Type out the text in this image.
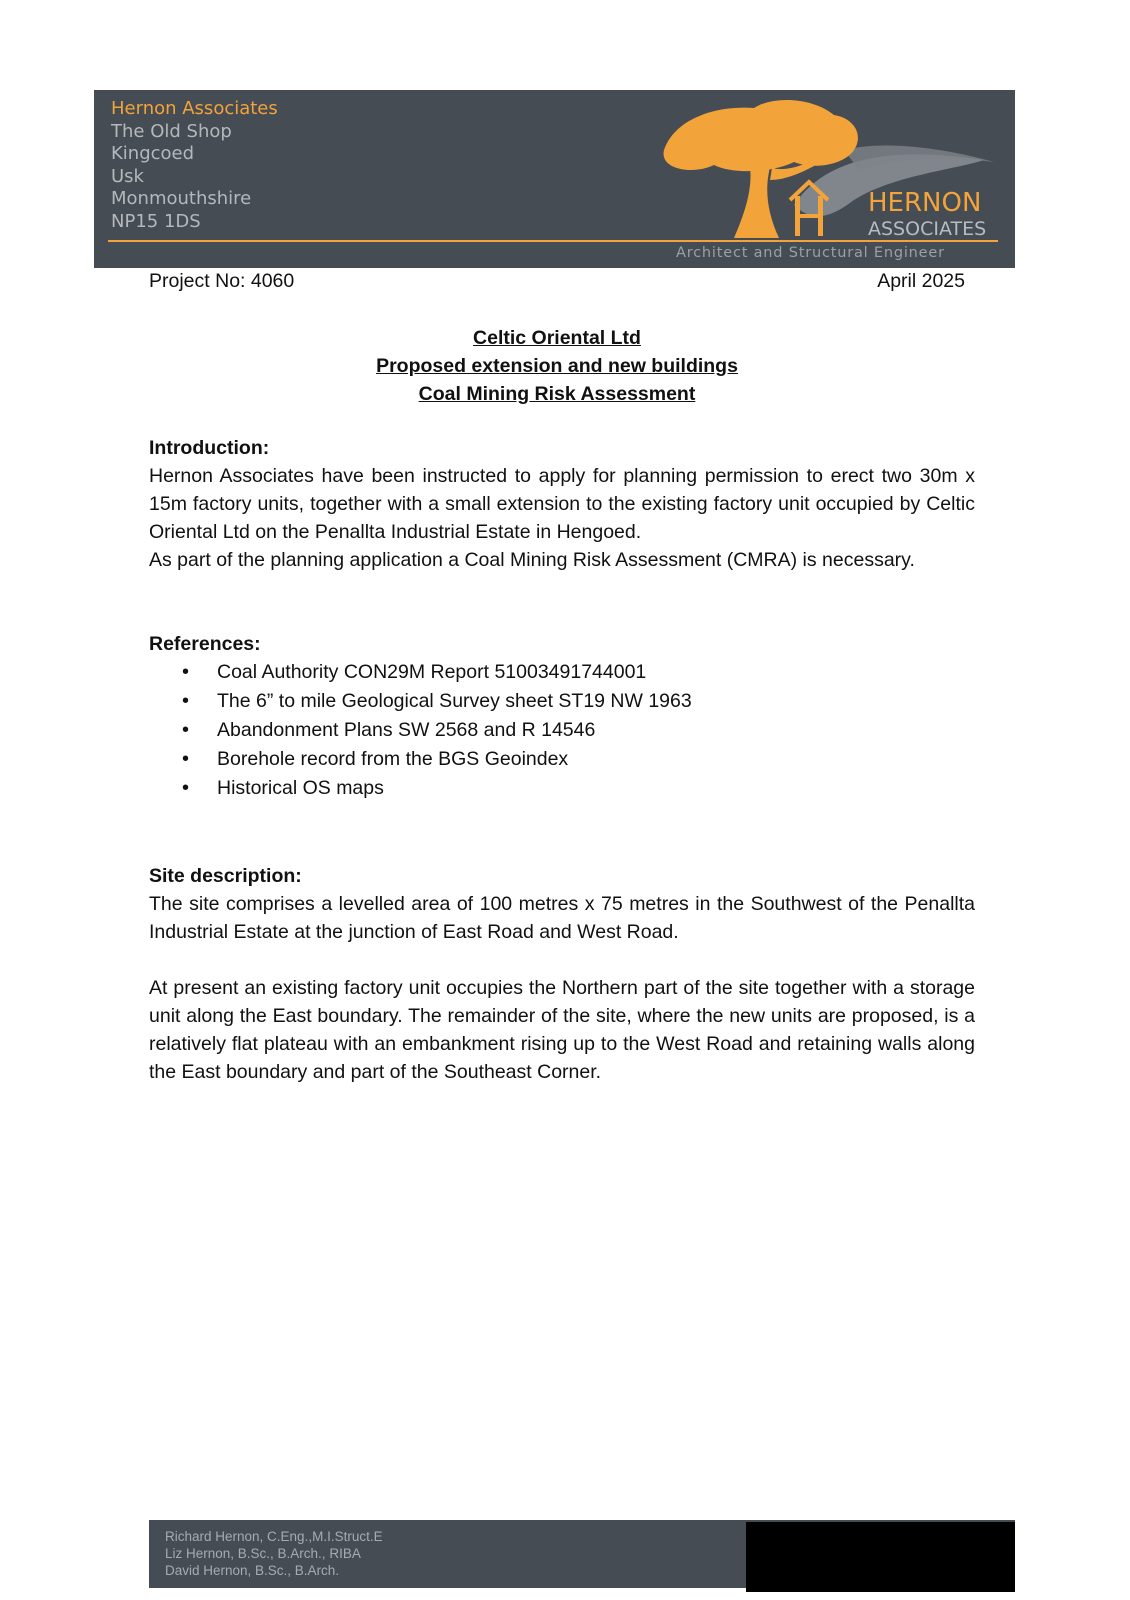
Hernon Associates
The Old Shop
Kingcoed
Usk
Monmouthshire
NP15 1DS
HERNON
ASSOCIATES
Architect and Structural Engineer
Project No: 4060	April 2025
Celtic Oriental Ltd
Proposed extension and new buildings
Coal Mining Risk Assessment
Introduction:

Hernon Associates have been instructed to apply for planning permission to erect two 30m x 15m factory units, together with a small extension to the existing factory unit occupied by Celtic Oriental Ltd on the Penallta Industrial Estate in Hengoed.

As part of the planning application a Coal Mining Risk Assessment (CMRA) is necessary.

References:
• Coal Authority CON29M Report 51003491744001
• The 6” to mile Geological Survey sheet ST19 NW 1963
• Abandonment Plans SW 2568 and R 14546
• Borehole record from the BGS Geoindex
• Historical OS maps
Site description:

The site comprises a levelled area of 100 metres x 75 metres in the Southwest of the Penallta Industrial Estate at the junction of East Road and West Road.

At present an existing factory unit occupies the Northern part of the site together with a storage unit along the East boundary. The remainder of the site, where the new units are proposed, is a relatively flat plateau with an embankment rising up to the West Road and retaining walls along the East boundary and part of the Southeast Corner.

Richard Hernon, C.Eng.,M.I.Struct.E
Liz Hernon, B.Sc., B.Arch., RIBA
David Hernon, B.Sc., B.Arch.
